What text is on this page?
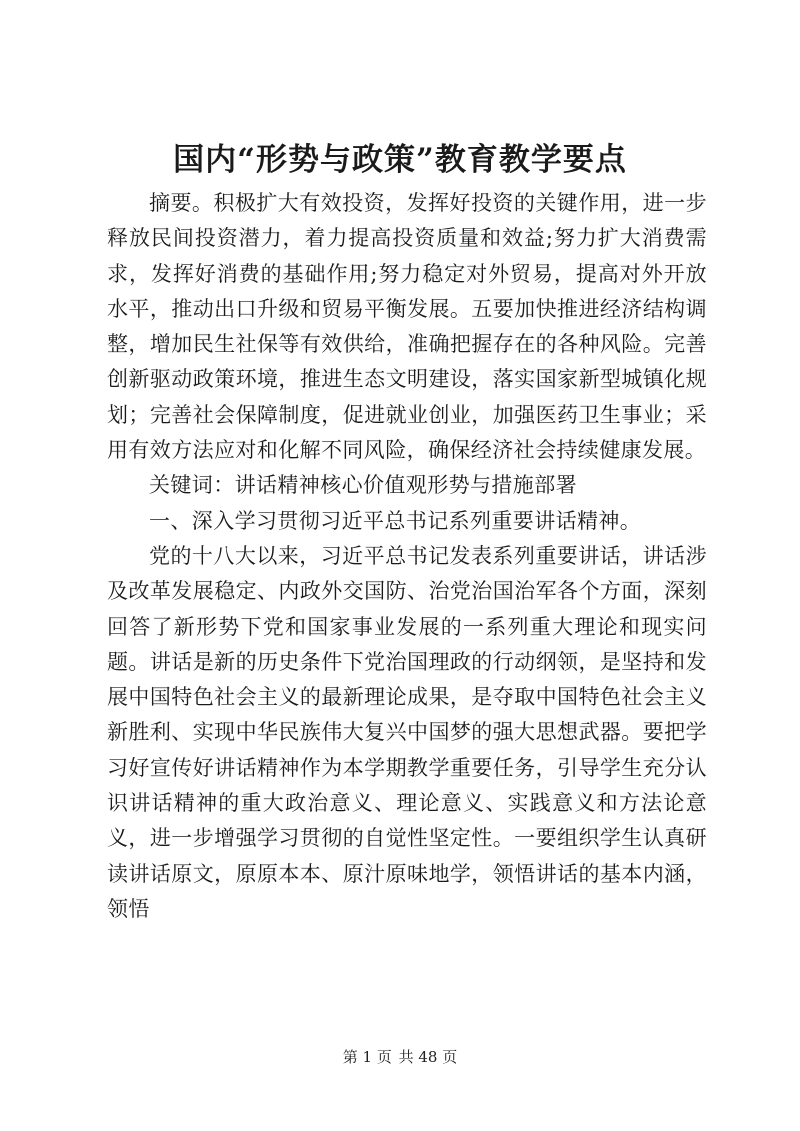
国内“形势与政策”教育教学要点

摘要。积极扩大有效投资，发挥好投资的关键作用，进一步释放民间投资潜力，着力提高投资质量和效益;努力扩大消费需求，发挥好消费的基础作用;努力稳定对外贸易，提高对外开放水平，推动出口升级和贸易平衡发展。五要加快推进经济结构调整，增加民生社保等有效供给，准确把握存在的各种风险。完善创新驱动政策环境，推进生态文明建设，落实国家新型城镇化规划；完善社会保障制度，促进就业创业，加强医药卫生事业；采用有效方法应对和化解不同风险，确保经济社会持续健康发展。

关键词：讲话精神核心价值观形势与措施部署

一、深入学习贯彻习近平总书记系列重要讲话精神。

党的十八大以来，习近平总书记发表系列重要讲话，讲话涉及改革发展稳定、内政外交国防、治党治国治军各个方面，深刻回答了新形势下党和国家事业发展的一系列重大理论和现实问题。讲话是新的历史条件下党治国理政的行动纲领，是坚持和发展中国特色社会主义的最新理论成果，是夺取中国特色社会主义新胜利、实现中华民族伟大复兴中国梦的强大思想武器。要把学习好宣传好讲话精神作为本学期教学重要任务，引导学生充分认识讲话精神的重大政治意义、理论意义、实践意义和方法论意义，进一步增强学习贯彻的自觉性坚定性。一要组织学生认真研读讲话原文，原原本本、原汁原味地学，领悟讲话的基本内涵，领悟

第 1 页 共 48 页
